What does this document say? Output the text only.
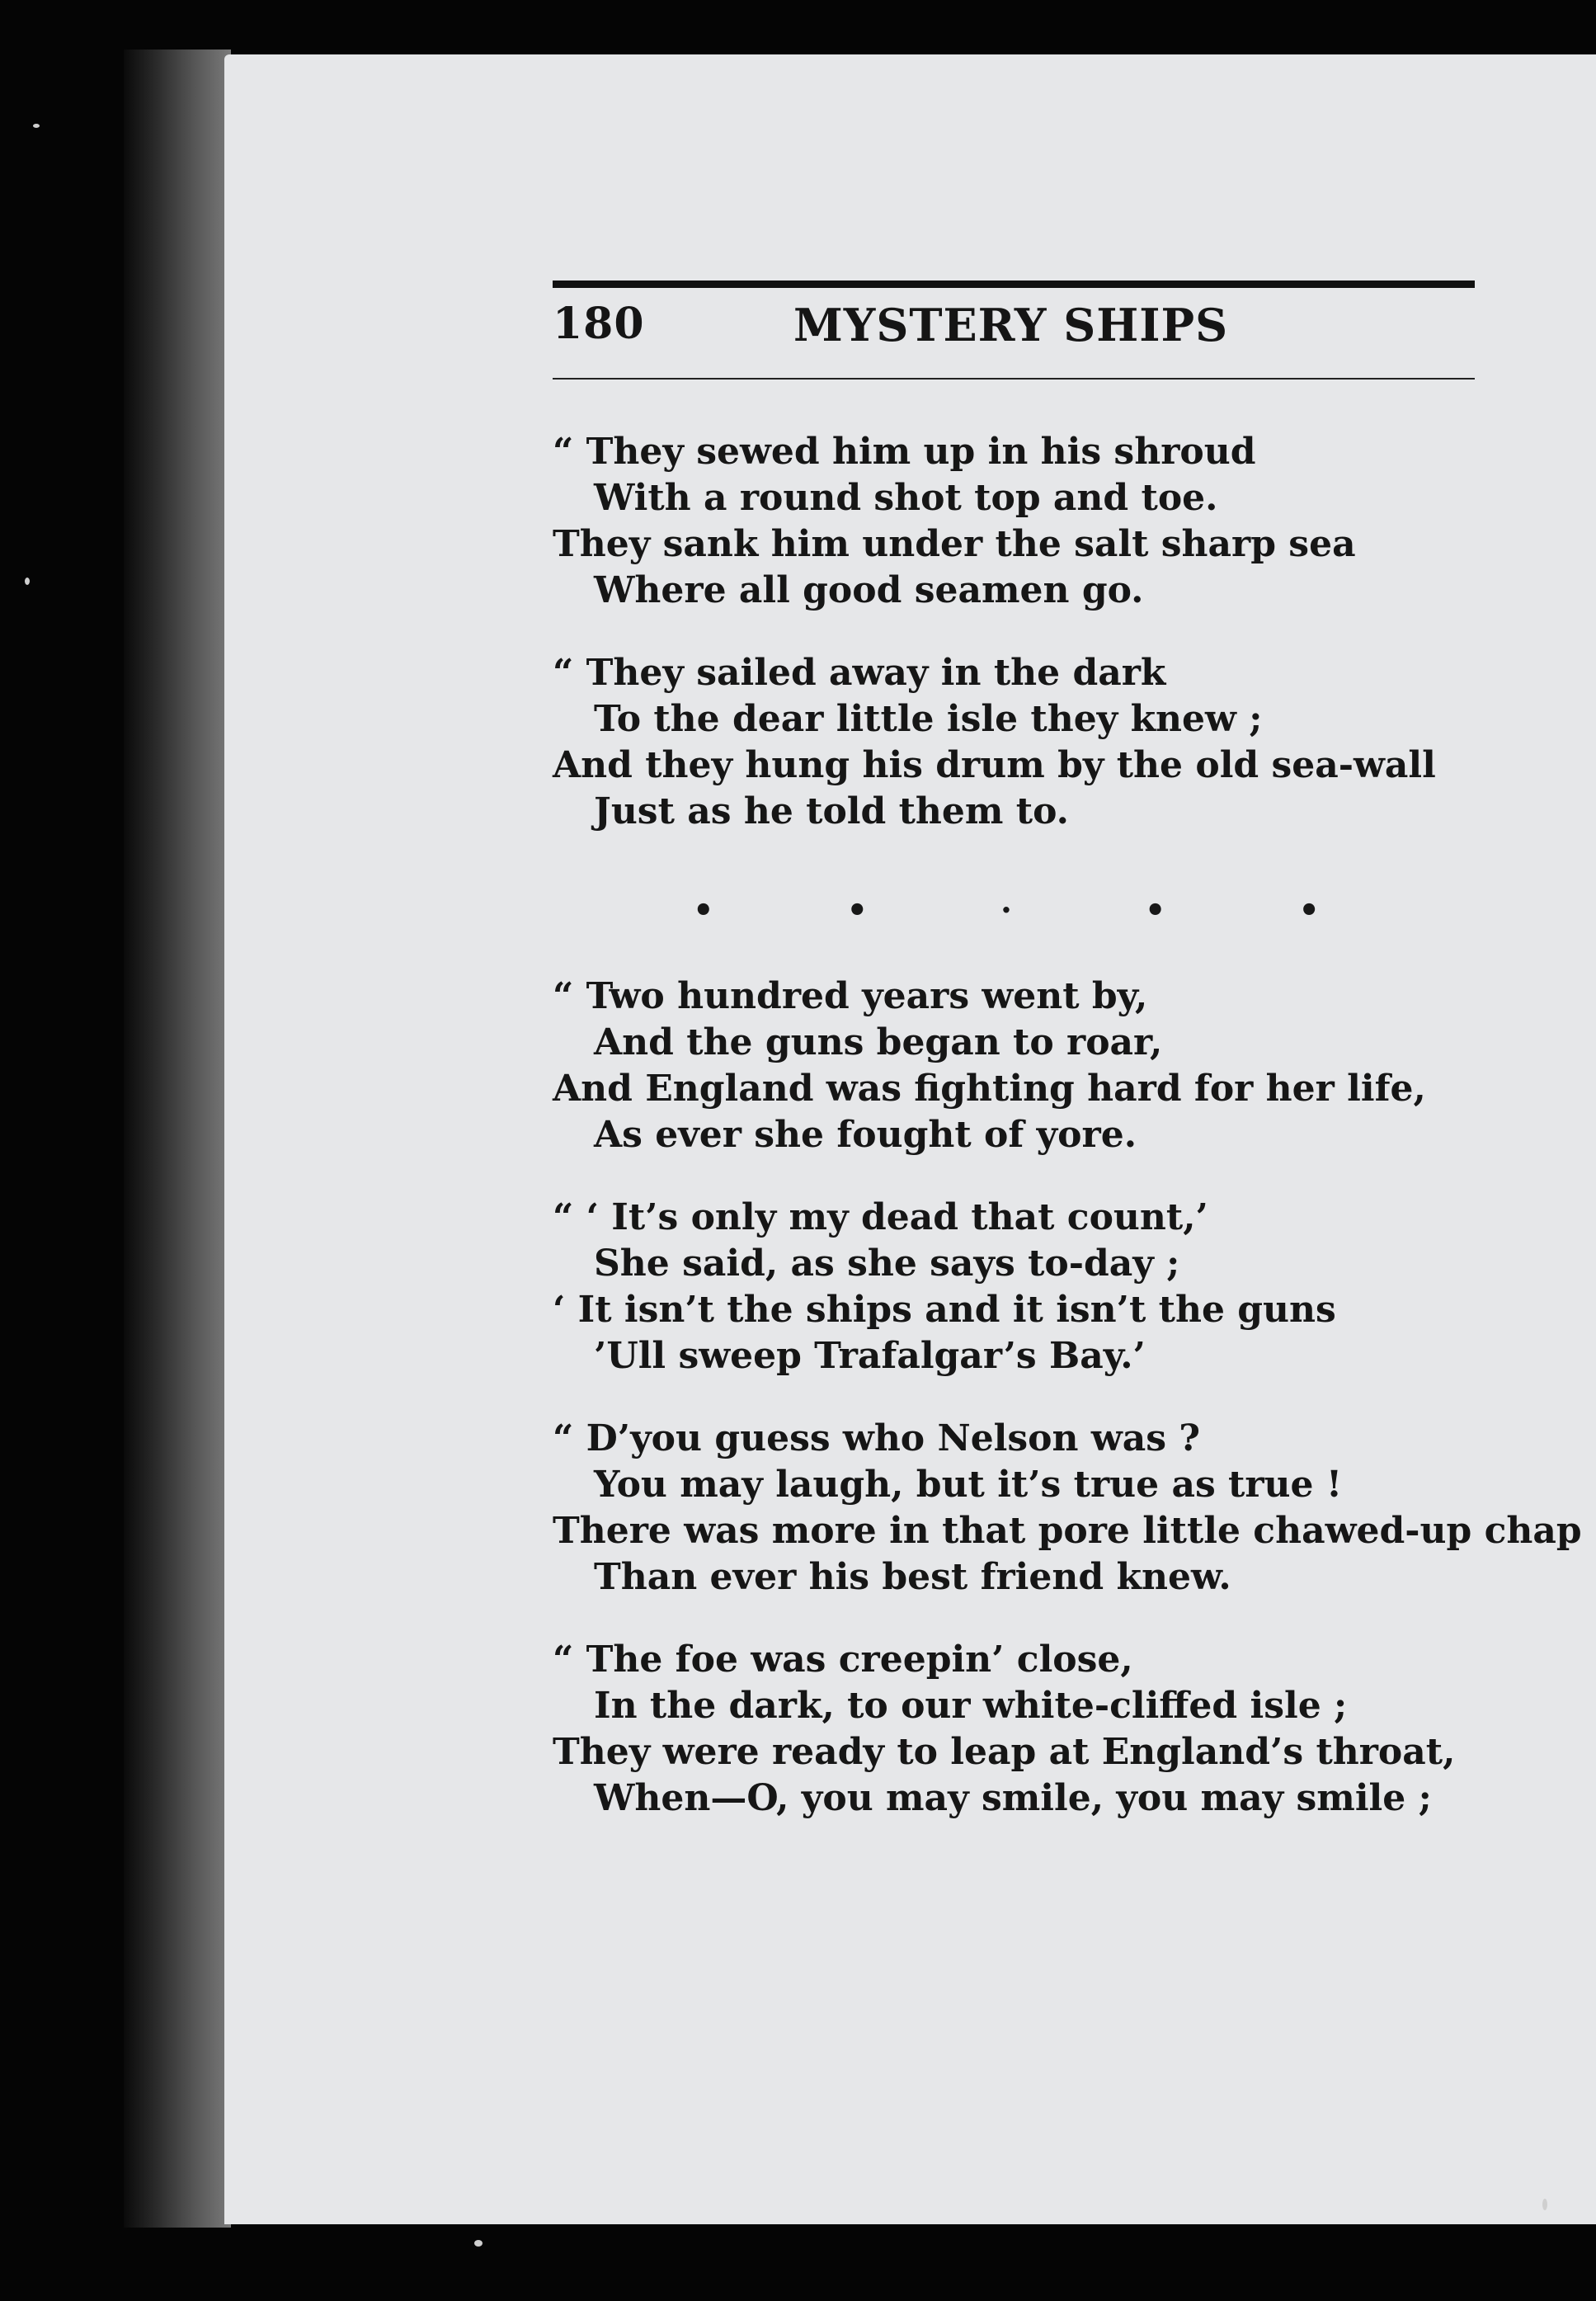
180	MYSTERY SHIPS
“ They sewed him up in his shroud
With a round shot top and toe.
They sank him under the salt sharp sea
Where all good seamen go.
“ They sailed away in the dark
To the dear little isle they knew ;
And they hung his drum by the old sea-wall
Just as he told them to.
“ Two hundred years went by,
And the guns began to roar,
And England was fighting hard for her life,
As ever she fought of yore.
“ ‘ It’s only my dead that count,’
She said, as she says to-day ;
‘ It isn’t the ships and it isn’t the guns
’Ull sweep Trafalgar’s Bay.’
“ D’you guess who Nelson was ?
You may laugh, but it’s true as true !
There was more in that pore little chawed-up chap
Than ever his best friend knew.
“ The foe was creepin’ close,
In the dark, to our white-cliffed isle ;
They were ready to leap at England’s throat,
When—O, you may smile, you may smile ;
•	•	·	•	•
